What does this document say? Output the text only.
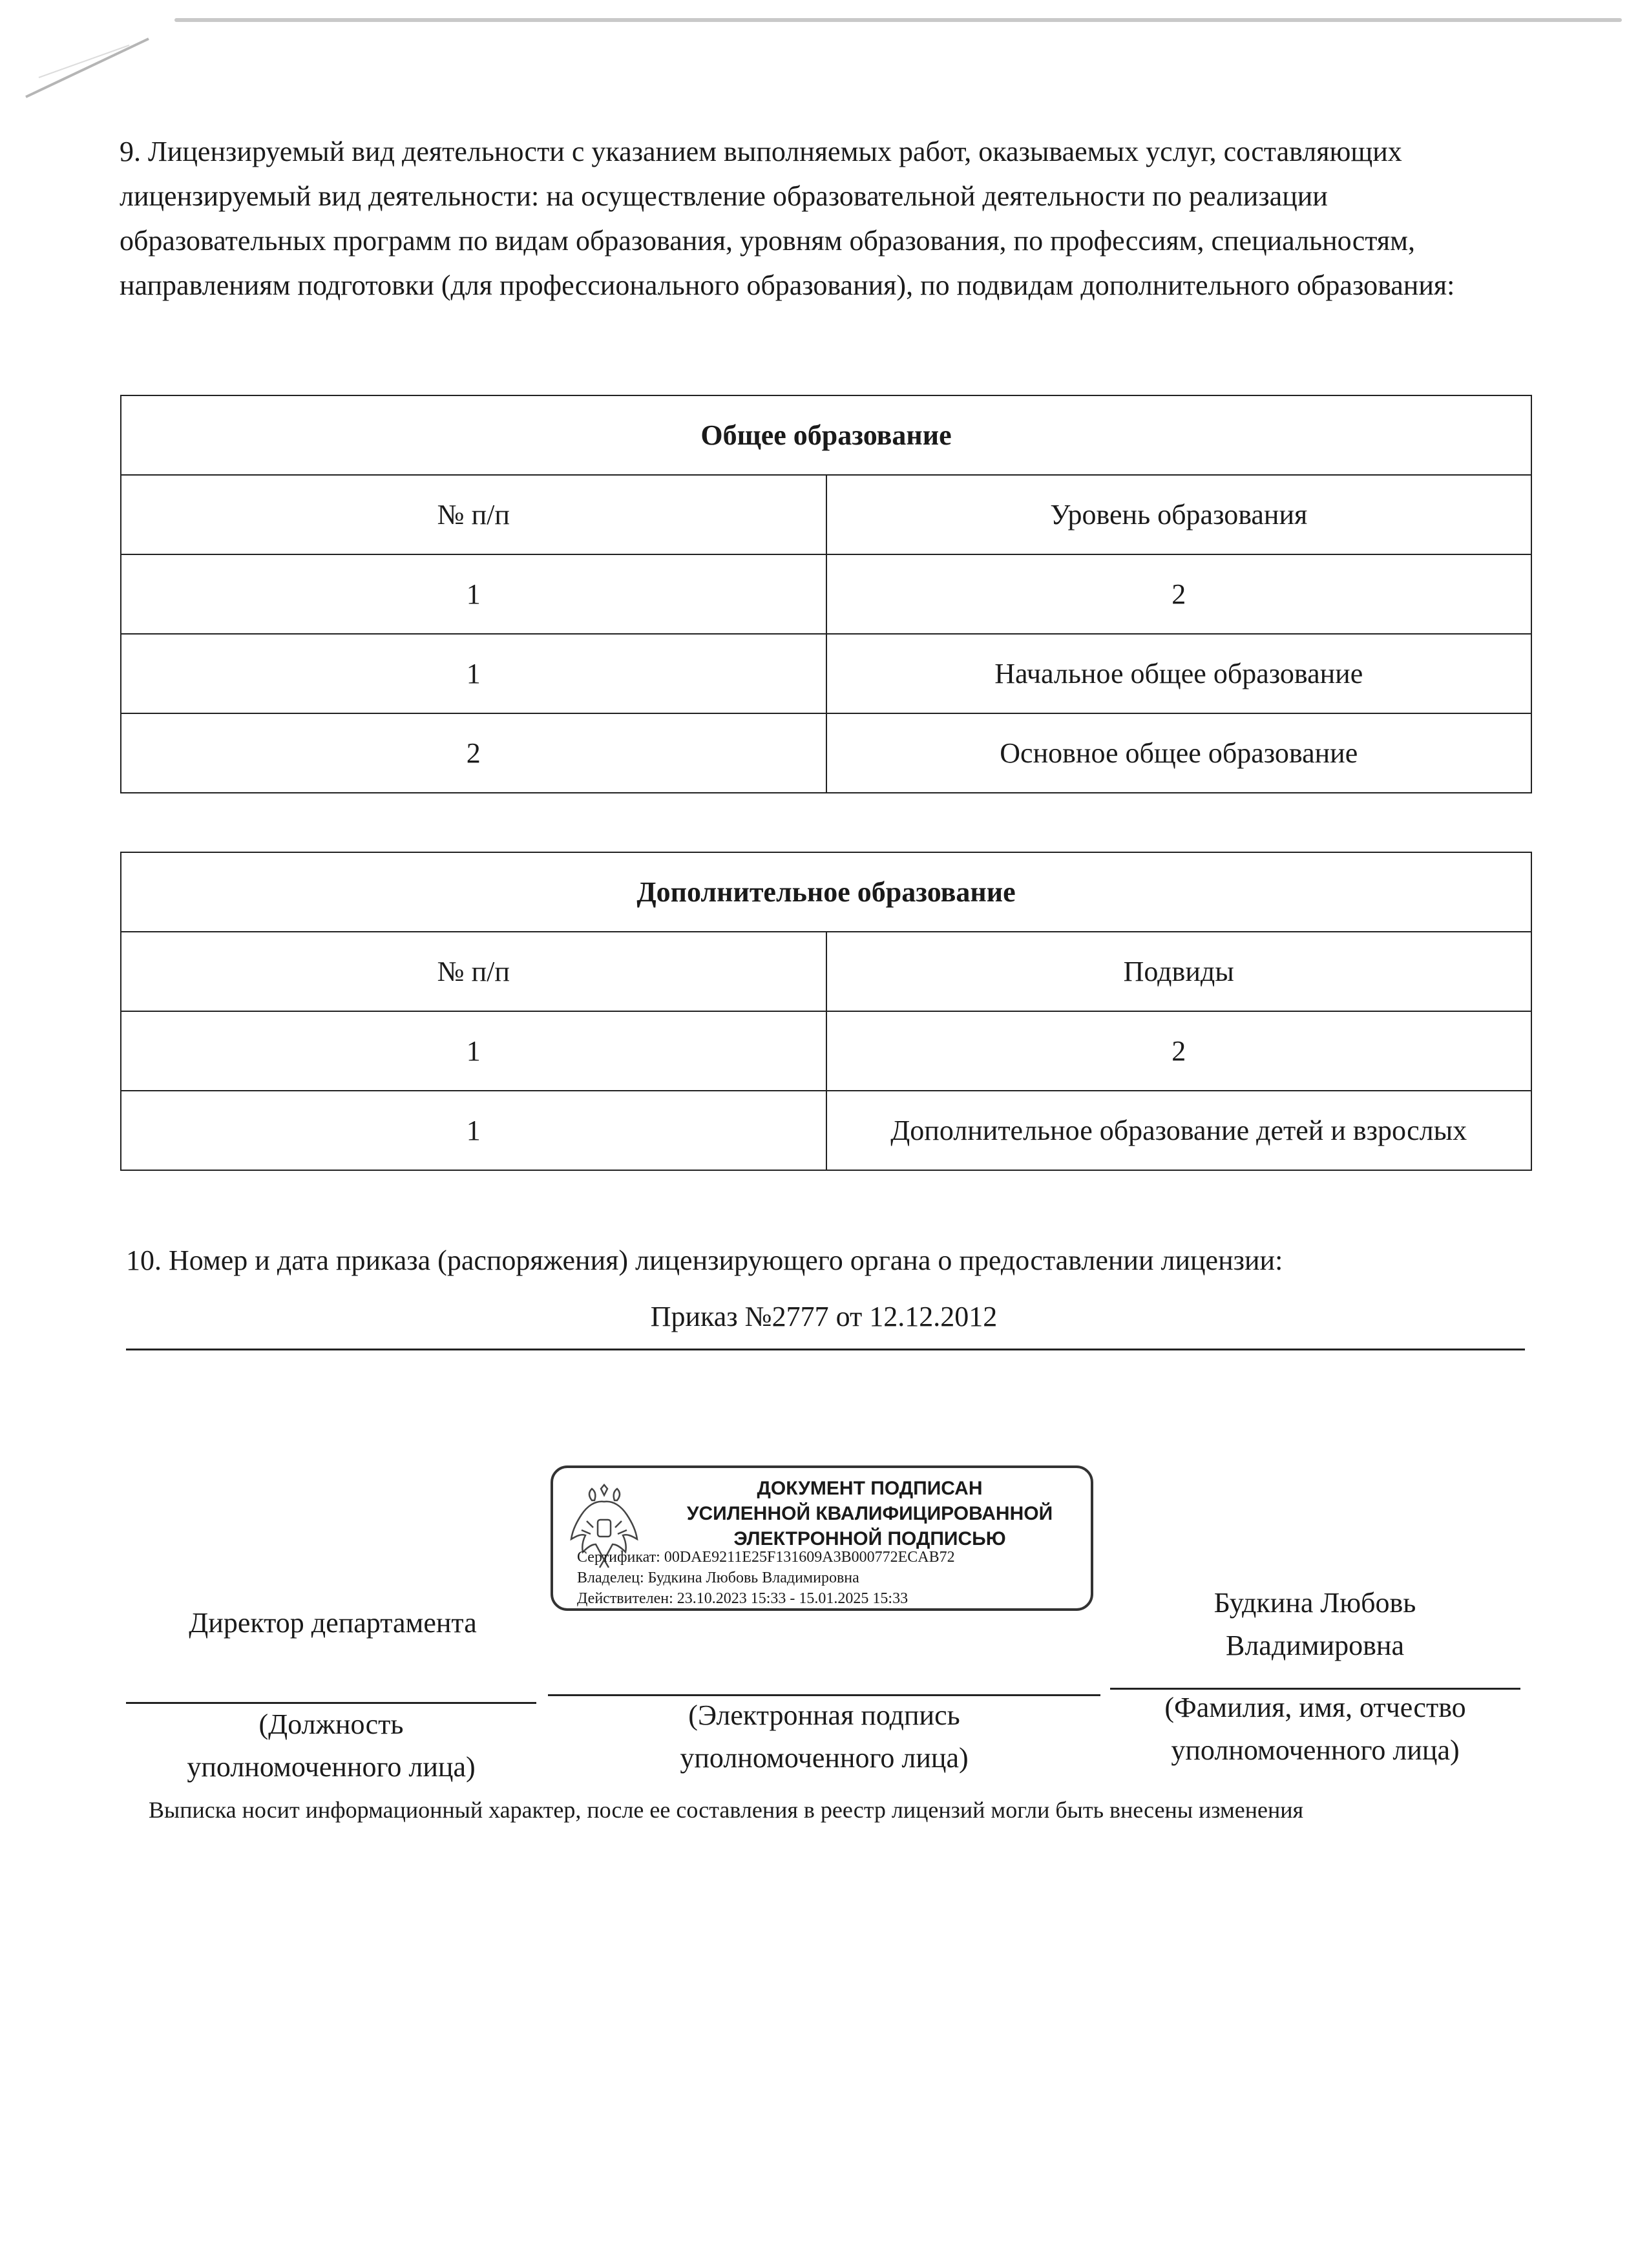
9. Лицензируемый вид деятельности с указанием выполняемых работ, оказываемых услуг, составляющих лицензируемый вид деятельности: на осуществление образовательной деятельности по реализации образовательных программ по видам образования, уровням образования, по профессиям, специальностям, направлениям подготовки (для профессионального образования), по подвидам дополнительного образования:
Общее образование	
№ п/п	Уровень образования
1	2
1	Начальное общее образование
2	Основное общее образование
Дополнительное образование	
№ п/п	Подвиды
1	2
1	Дополнительное образование детей и взрослых
10. Номер и дата приказа (распоряжения) лицензирующего органа о предоставлении лицензии:
Приказ №2777 от 12.12.2012
ДОКУМЕНТ ПОДПИСАН
УСИЛЕННОЙ КВАЛИФИЦИРОВАННОЙ
ЭЛЕКТРОННОЙ ПОДПИСЬЮ
Сертификат: 00DAE9211E25F131609A3B000772ECAB72
Владелец: Будкина Любовь Владимировна
Действителен: 23.10.2023 15:33 - 15.01.2025 15:33
Директор департамента
Будкина Любовь
Владимировна
(Должность
уполномоченного лица)
(Электронная подпись
уполномоченного лица)
(Фамилия, имя, отчество
уполномоченного лица)
Выписка носит информационный характер, после ее составления в реестр лицензий могли быть внесены изменения
